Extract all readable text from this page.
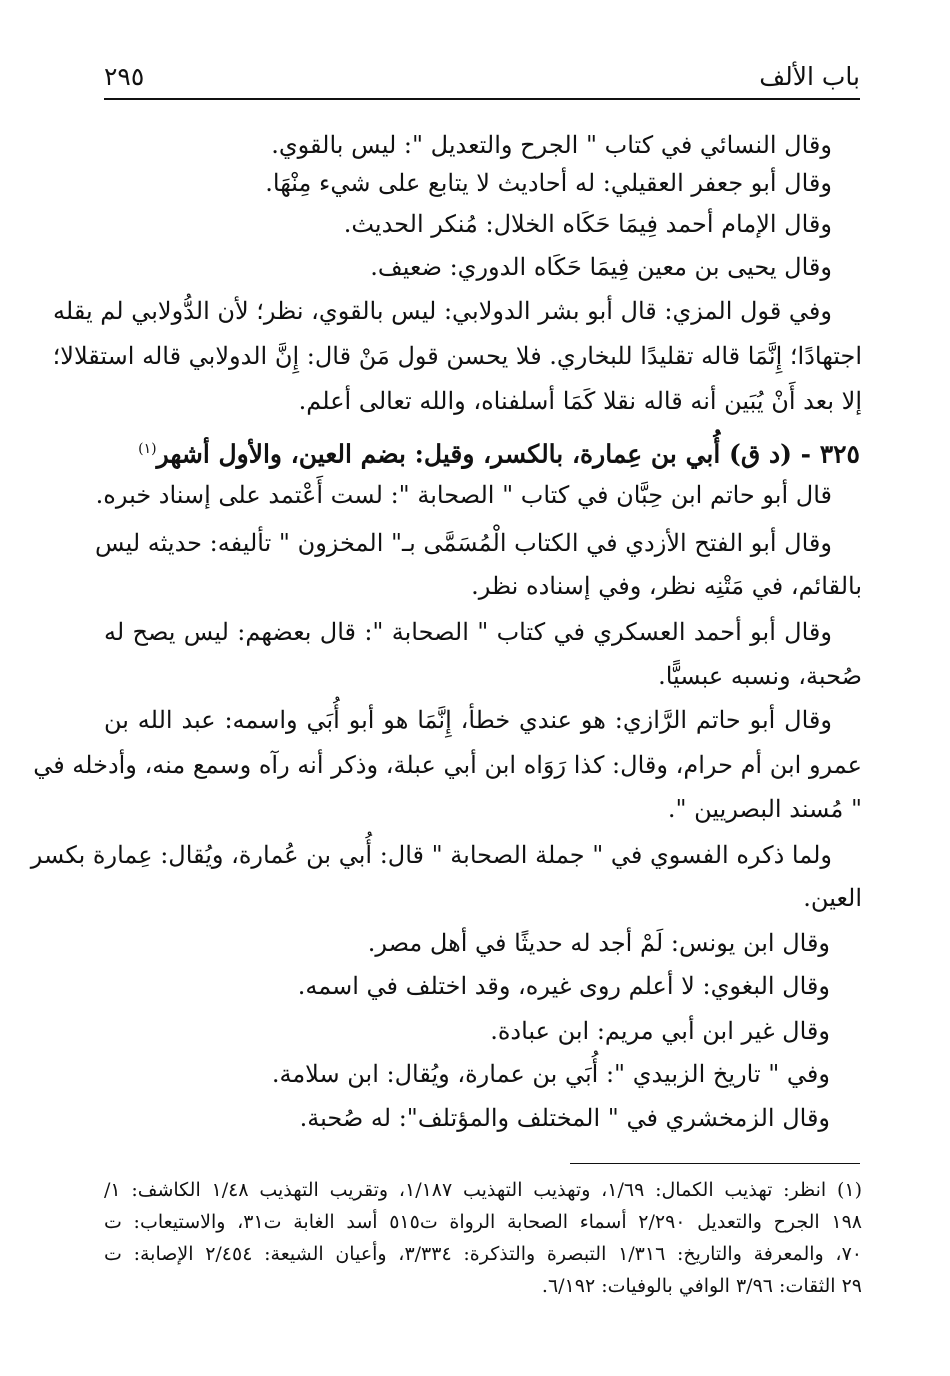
باب الألف
٢٩٥
وقال النسائي في كتاب " الجرح والتعديل ": ليس بالقوي.
وقال أبو جعفر العقيلي: له أحاديث لا يتابع على شيء مِنْهَا.
وقال الإمام أحمد فِيمَا حَكَاه الخلال: مُنكر الحديث.
وقال يحيى بن معين فِيمَا حَكَاه الدوري: ضعيف.
وفي قول المزي: قال أبو بشر الدولابي: ليس بالقوي، نظر؛ لأن الدُّولابي لم يقله
اجتهادًا؛ إِنَّمَا قاله تقليدًا للبخاري. فلا يحسن قول مَنْ قال: إِنَّ الدولابي قاله استقلالا؛
إلا بعد أَنْ يُبَين أنه قاله نقلا كَمَا أسلفناه، والله تعالى أعلم.
٣٢٥ - (د ق) أُبي بن عِمارة، بالكسر، وقيل: بضم العين، والأول أشهر$^{(١)}$
قال أبو حاتم ابن حِبَّان في كتاب " الصحابة ": لست أَعْتمد على إسناد خبره.
وقال أبو الفتح الأزدي في الكتاب الْمُسَمَّى بـ" المخزون " تأليفه: حديثه ليس
بالقائم، في مَتْنِه نظر، وفي إسناده نظر.
وقال أبو أحمد العسكري في كتاب " الصحابة ": قال بعضهم: ليس يصح له
صُحبة، ونسبه عبسيًّا.
وقال أبو حاتم الرَّازي: هو عندي خطأ، إِنَّمَا هو أبو أُبَي واسمه: عبد الله بن
عمرو ابن أم حرام، وقال: كذا رَوَاه ابن أبي عبلة، وذكر أنه رآه وسمع منه، وأدخله في
" مُسند البصريين ".
ولما ذكره الفسوي في " جملة الصحابة " قال: أُبي بن عُمارة، ويُقال: عِمارة بكسر
العين.
وقال ابن يونس: لَمْ أجد له حديثًا في أهل مصر.
وقال البغوي: لا أعلم روى غيره، وقد اختلف في اسمه.
وقال غير ابن أبي مريم: ابن عبادة.
وفي " تاريخ الزبيدي ": أُبَي بن عمارة، ويُقال: ابن سلامة.
وقال الزمخشري في " المختلف والمؤتلف": له صُحبة.
(١) انظر: تهذيب الكمال: ١/٦٩، وتهذيب التهذيب ١/١٨٧، وتقريب التهذيب ١/٤٨ الكاشف: ١/
١٩٨ الجرح والتعديل ٢/٢٩٠ أسماء الصحابة الرواة ت٥١٥ أسد الغابة ت٣١، والاستيعاب: ت
٧٠، والمعرفة والتاريخ: ١/٣١٦ التبصرة والتذكرة: ٣/٣٣٤، وأعيان الشيعة: ٢/٤٥٤ الإصابة: ت
٢٩ الثقات: ٣/٩٦ الوافي بالوفيات: ٦/١٩٢.
